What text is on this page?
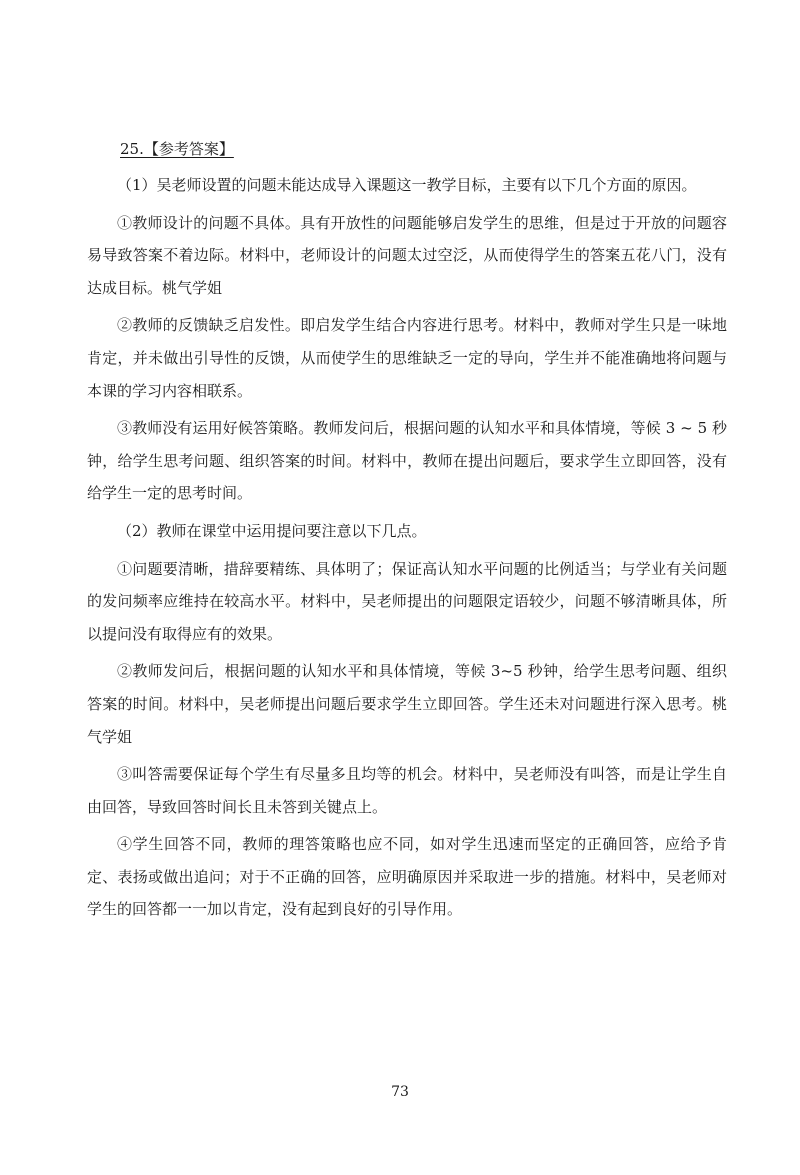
25.【参考答案】

（1）吴老师设置的问题未能达成导入课题这一教学目标，主要有以下几个方面的原因。

①教师设计的问题不具体。具有开放性的问题能够启发学生的思维，但是过于开放的问题容易导致答案不着边际。材料中，老师设计的问题太过空泛，从而使得学生的答案五花八门，没有达成目标。桃气学姐

②教师的反馈缺乏启发性。即启发学生结合内容进行思考。材料中，教师对学生只是一味地肯定，并未做出引导性的反馈，从而使学生的思维缺乏一定的导向，学生并不能准确地将问题与本课的学习内容相联系。

③教师没有运用好候答策略。教师发问后，根据问题的认知水平和具体情境，等候 3 ~ 5 秒钟，给学生思考问题、组织答案的时间。材料中，教师在提出问题后，要求学生立即回答，没有给学生一定的思考时间。

（2）教师在课堂中运用提问要注意以下几点。

①问题要清晰，措辞要精练、具体明了；保证高认知水平问题的比例适当；与学业有关问题的发问频率应维持在较高水平。材料中，吴老师提出的问题限定语较少，问题不够清晰具体，所以提问没有取得应有的效果。

②教师发问后，根据问题的认知水平和具体情境，等候 3~5 秒钟，给学生思考问题、组织答案的时间。材料中，吴老师提出问题后要求学生立即回答。学生还未对问题进行深入思考。桃气学姐

③叫答需要保证每个学生有尽量多且均等的机会。材料中，吴老师没有叫答，而是让学生自由回答，导致回答时间长且未答到关键点上。

④学生回答不同，教师的理答策略也应不同，如对学生迅速而坚定的正确回答，应给予肯定、表扬或做出追问；对于不正确的回答，应明确原因并采取进一步的措施。材料中，吴老师对学生的回答都一一加以肯定，没有起到良好的引导作用。

73
